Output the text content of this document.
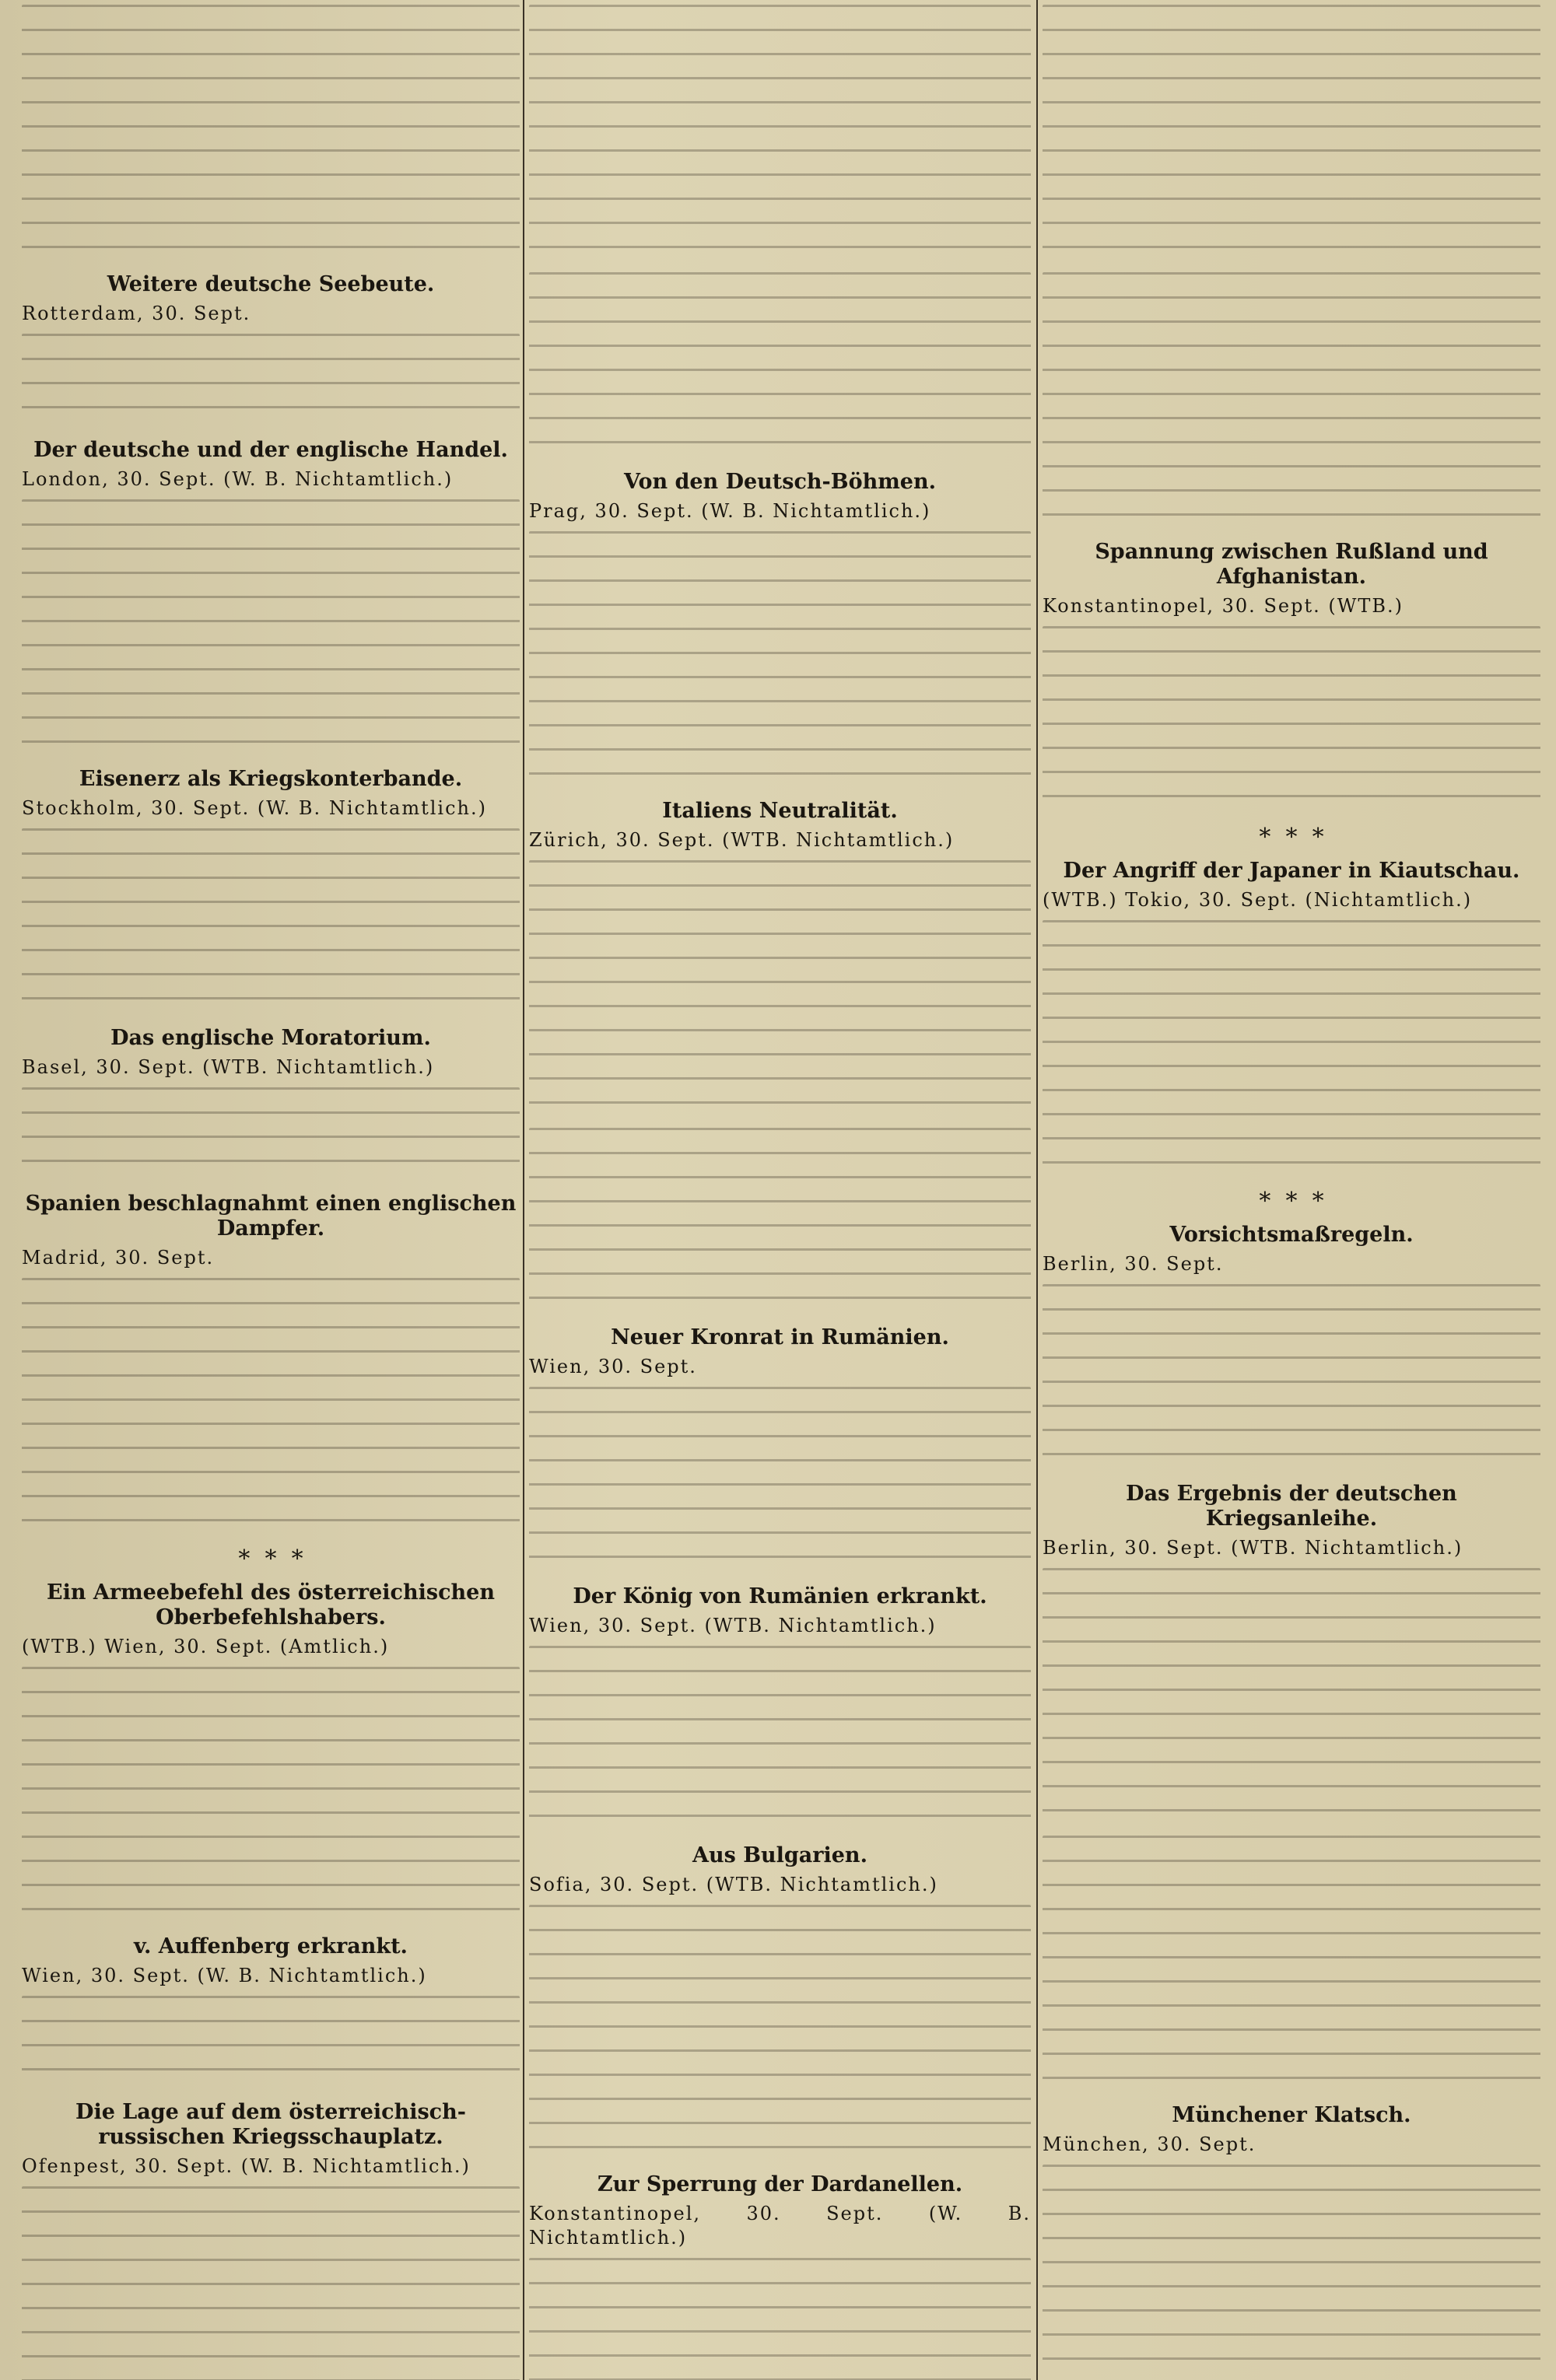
Weitere deutsche Seebeute.
Rotterdam, 30. Sept.
Der deutsche und der englische Handel.
London, 30. Sept. (W. B. Nichtamtlich.)
Eisenerz als Kriegskonterbande.
Stockholm, 30. Sept. (W. B. Nichtamtlich.)
Das englische Moratorium.
Basel, 30. Sept. (WTB. Nichtamtlich.)
Spanien beschlagnahmt einen englischen Dampfer.
Madrid, 30. Sept.
*  *  *
Ein Armeebefehl des österreichischen Oberbefehlshabers.
(WTB.) Wien, 30. Sept. (Amtlich.)
v. Auffenberg erkrankt.
Wien, 30. Sept. (W. B. Nichtamtlich.)
Die Lage auf dem österreichisch-russischen Kriegsschauplatz.
Ofenpest, 30. Sept. (W. B. Nichtamtlich.)
Von den Deutsch-Böhmen.
Prag, 30. Sept. (W. B. Nichtamtlich.)
Italiens Neutralität.
Zürich, 30. Sept. (WTB. Nichtamtlich.)
Neuer Kronrat in Rumänien.
Wien, 30. Sept.
Der König von Rumänien erkrankt.
Wien, 30. Sept. (WTB. Nichtamtlich.)
Aus Bulgarien.
Sofia, 30. Sept. (WTB. Nichtamtlich.)
Zur Sperrung der Dardanellen.
Konstantinopel, 30. Sept. (W. B. Nichtamtlich.)
Spannung zwischen Rußland und Afghanistan.
Konstantinopel, 30. Sept. (WTB.)
*  *  *
Der Angriff der Japaner in Kiautschau.
(WTB.) Tokio, 30. Sept. (Nichtamtlich.)
*  *  *
Vorsichtsmaßregeln.
Berlin, 30. Sept.
Das Ergebnis der deutschen Kriegsanleihe.
Berlin, 30. Sept. (WTB. Nichtamtlich.)
Münchener Klatsch.
München, 30. Sept.
